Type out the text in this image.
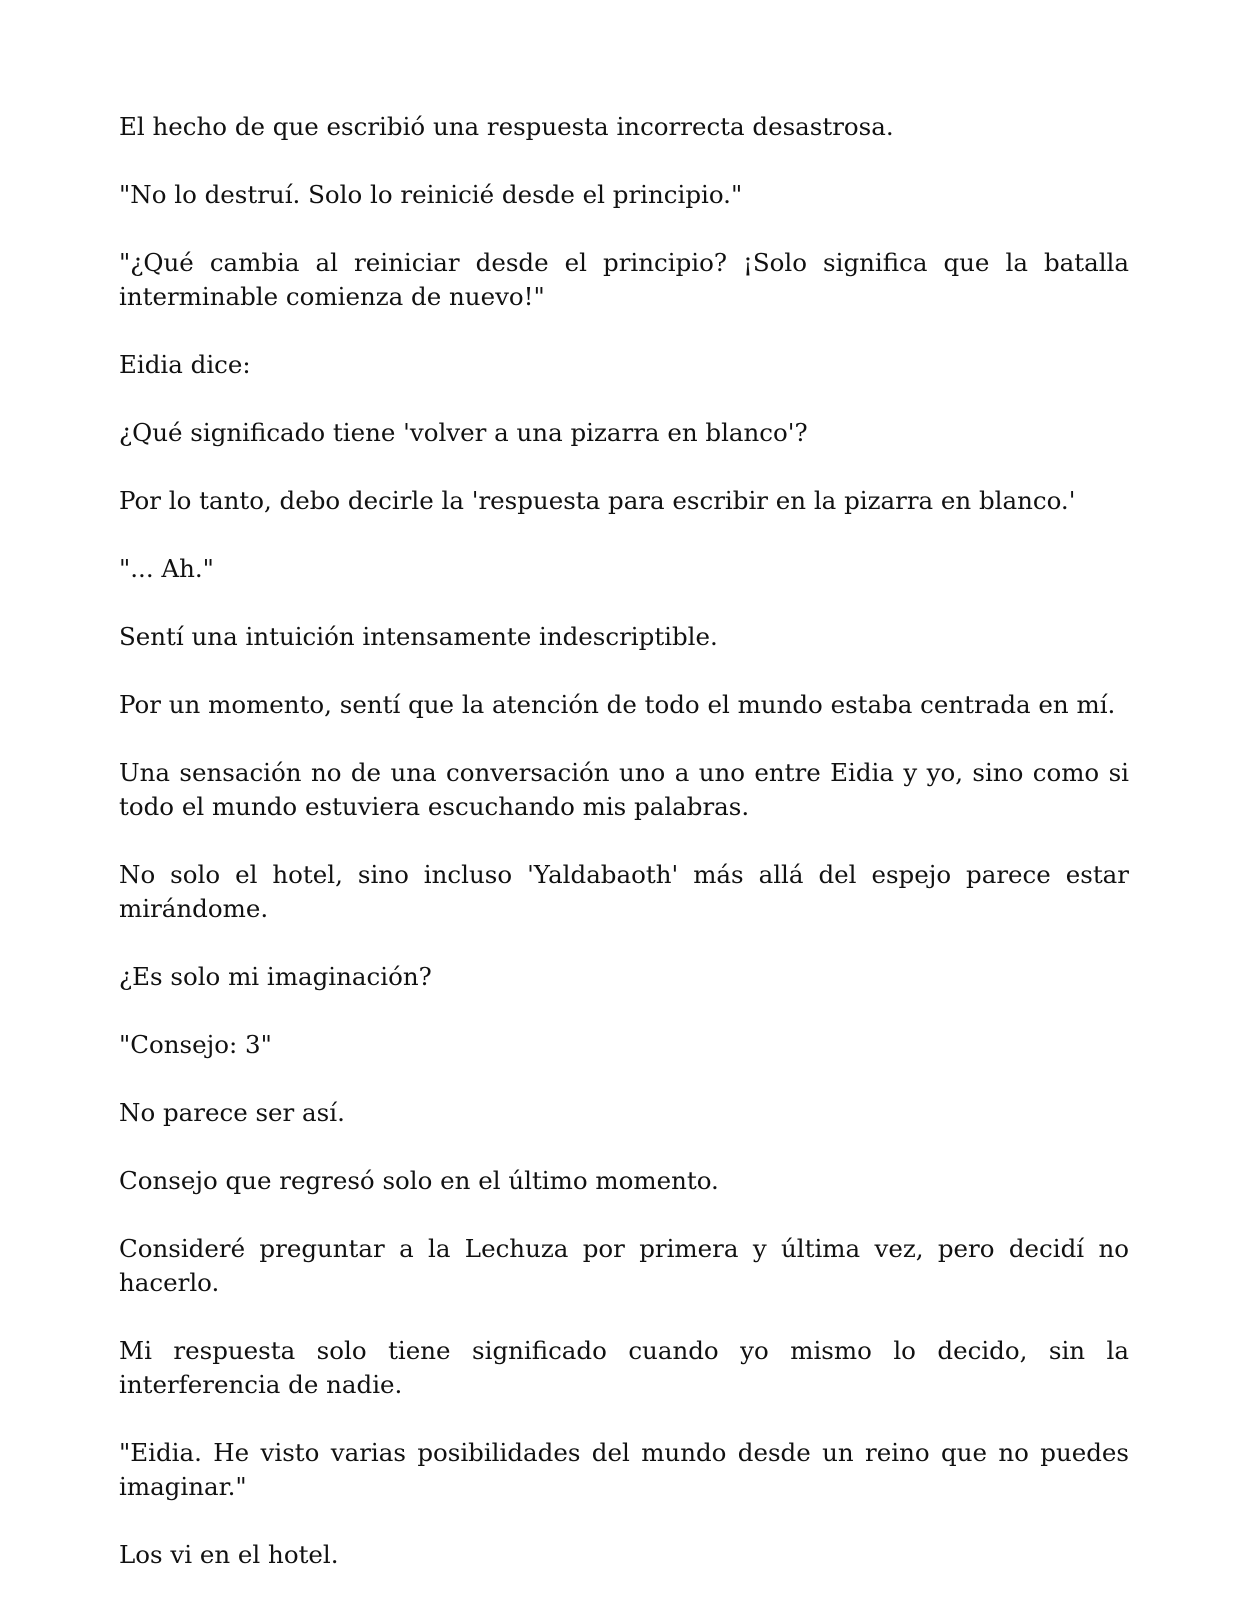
El hecho de que escribió una respuesta incorrecta desastrosa.

"No lo destruí. Solo lo reinicié desde el principio."

"¿Qué cambia al reiniciar desde el principio? ¡Solo significa que la batalla interminable comienza de nuevo!"

Eidia dice:

¿Qué significado tiene 'volver a una pizarra en blanco'?

Por lo tanto, debo decirle la 'respuesta para escribir en la pizarra en blanco.'

"... Ah."

Sentí una intuición intensamente indescriptible.

Por un momento, sentí que la atención de todo el mundo estaba centrada en mí.

Una sensación no de una conversación uno a uno entre Eidia y yo, sino como si todo el mundo estuviera escuchando mis palabras.

No solo el hotel, sino incluso 'Yaldabaoth' más allá del espejo parece estar mirándome.

¿Es solo mi imaginación?

"Consejo: 3"

No parece ser así.

Consejo que regresó solo en el último momento.

Consideré preguntar a la Lechuza por primera y última vez, pero decidí no hacerlo.

Mi respuesta solo tiene significado cuando yo mismo lo decido, sin la interferencia de nadie.

"Eidia. He visto varias posibilidades del mundo desde un reino que no puedes imaginar."

Los vi en el hotel.
